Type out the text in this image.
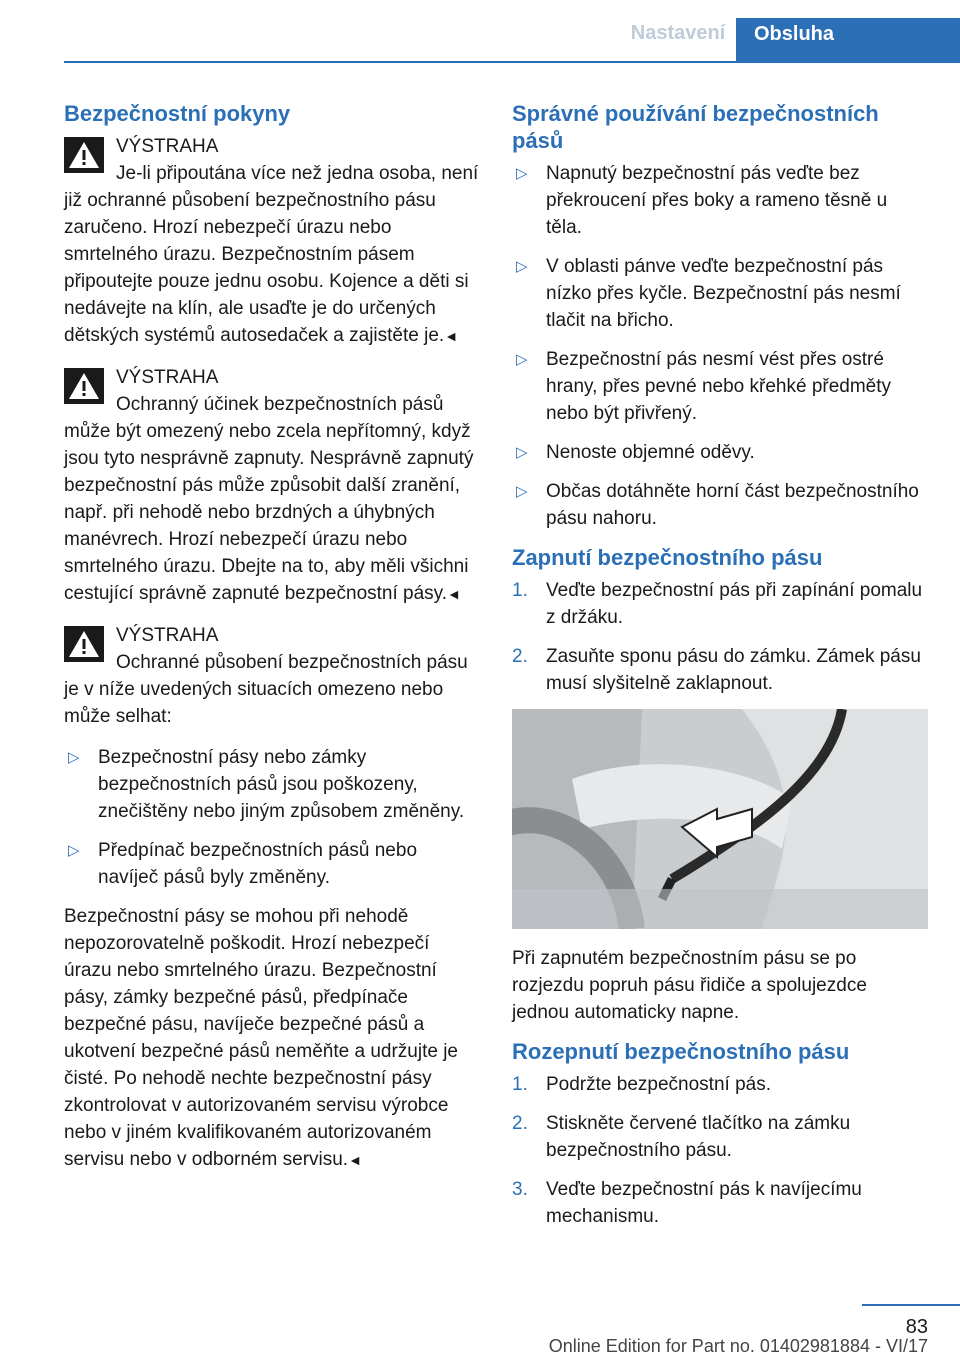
Nastavení	Obsluha
Bezpečnostní pokyny
VÝSTRAHA

Je-li připoutána více než jedna osoba, není již ochranné působení bezpečnostního pásu zaručeno. Hrozí nebezpečí úrazu nebo smrtelného úrazu. Bezpečnostním pásem připoutejte pouze jednu osobu. Kojence a děti si nedávejte na klín, ale usaďte je do určených dětských systémů autosedaček a zajistěte je.◄

VÝSTRAHA

Ochranný účinek bezpečnostních pásů může být omezený nebo zcela nepřítomný, když jsou tyto nesprávně zapnuty. Nesprávně zapnutý bezpečnostní pás může způsobit další zranění, např. při nehodě nebo brzdných a úhybných manévrech. Hrozí nebezpečí úrazu nebo smrtelného úrazu. Dbejte na to, aby měli všichni cestující správně zapnuté bezpečnostní pásy.◄

VÝSTRAHA

Ochranné působení bezpečnostních pásu je v níže uvedených situacích omezeno nebo může selhat:

▷ Bezpečnostní pásy nebo zámky bezpečnostních pásů jsou poškozeny, znečištěny nebo jiným způsobem změněny.
▷ Předpínač bezpečnostních pásů nebo navíječ pásů byly změněny.

Bezpečnostní pásy se mohou při nehodě nepozorovatelně poškodit. Hrozí nebezpečí úrazu nebo smrtelného úrazu. Bezpečnostní pásy, zámky bezpečné pásů, předpínače bezpečné pásu, navíječe bezpečné pásů a ukotvení bezpečné pásů neměňte a udržujte je čisté. Po nehodě nechte bezpečnostní pásy zkontrolovat v autorizovaném servisu výrobce nebo v jiném kvalifikovaném autorizovaném servisu nebo v odborném servisu.◄

Správné používání bezpečnostních pásů
▷ Napnutý bezpečnostní pás veďte bez překroucení přes boky a rameno těsně u těla.
▷ V oblasti pánve veďte bezpečnostní pás nízko přes kyčle. Bezpečnostní pás nesmí tlačit na břicho.
▷ Bezpečnostní pás nesmí vést přes ostré hrany, přes pevné nebo křehké předměty nebo být přivřený.
▷ Nenoste objemné oděvy.
▷ Občas dotáhněte horní část bezpečnostního pásu nahoru.
Zapnutí bezpečnostního pásu
1. Veďte bezpečnostní pás při zapínání pomalu z držáku.
2. Zasuňte sponu pásu do zámku. Zámek pásu musí slyšitelně zaklapnout.

Při zapnutém bezpečnostním pásu se po rozjezdu popruh pásu řidiče a spolujezdce jednou automaticky napne.

Rozepnutí bezpečnostního pásu
1. Podržte bezpečnostní pás.
2. Stiskněte červené tlačítko na zámku bezpečnostního pásu.
3. Veďte bezpečnostní pás k navíjecímu mechanismu.
83
Online Edition for Part no. 01402981884 - VI/17
